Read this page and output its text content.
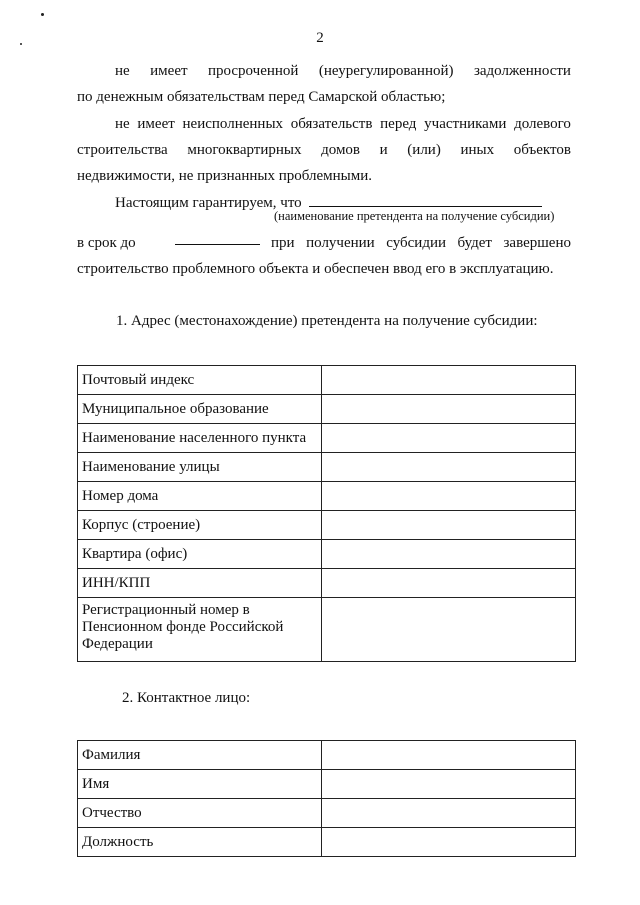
2
не имеет просроченной (неурегулированной) задолженности
по денежным обязательствам перед Самарской областью;
не имеет неисполненных обязательств перед участниками долевого
строительства многоквартирных домов и (или) иных объектов
недвижимости, не признанных проблемными.
Настоящим гарантируем, что
(наименование претендента на получение субсидии)
в срок до	при получении субсидии будет завершено
строительство проблемного объекта и обеспечен ввод его в эксплуатацию.
1. Адрес (местонахождение) претендента на получение субсидии:
Почтовый индекс	
Муниципальное образование	
Наименование населенного пункта	
Наименование улицы	
Номер дома	
Корпус (строение)	
Квартира (офис)	
ИНН/КПП	
Регистрационный номер в Пенсионном фонде Российской Федерации	
2. Контактное лицо:
Фамилия	
Имя	
Отчество	
Должность	
